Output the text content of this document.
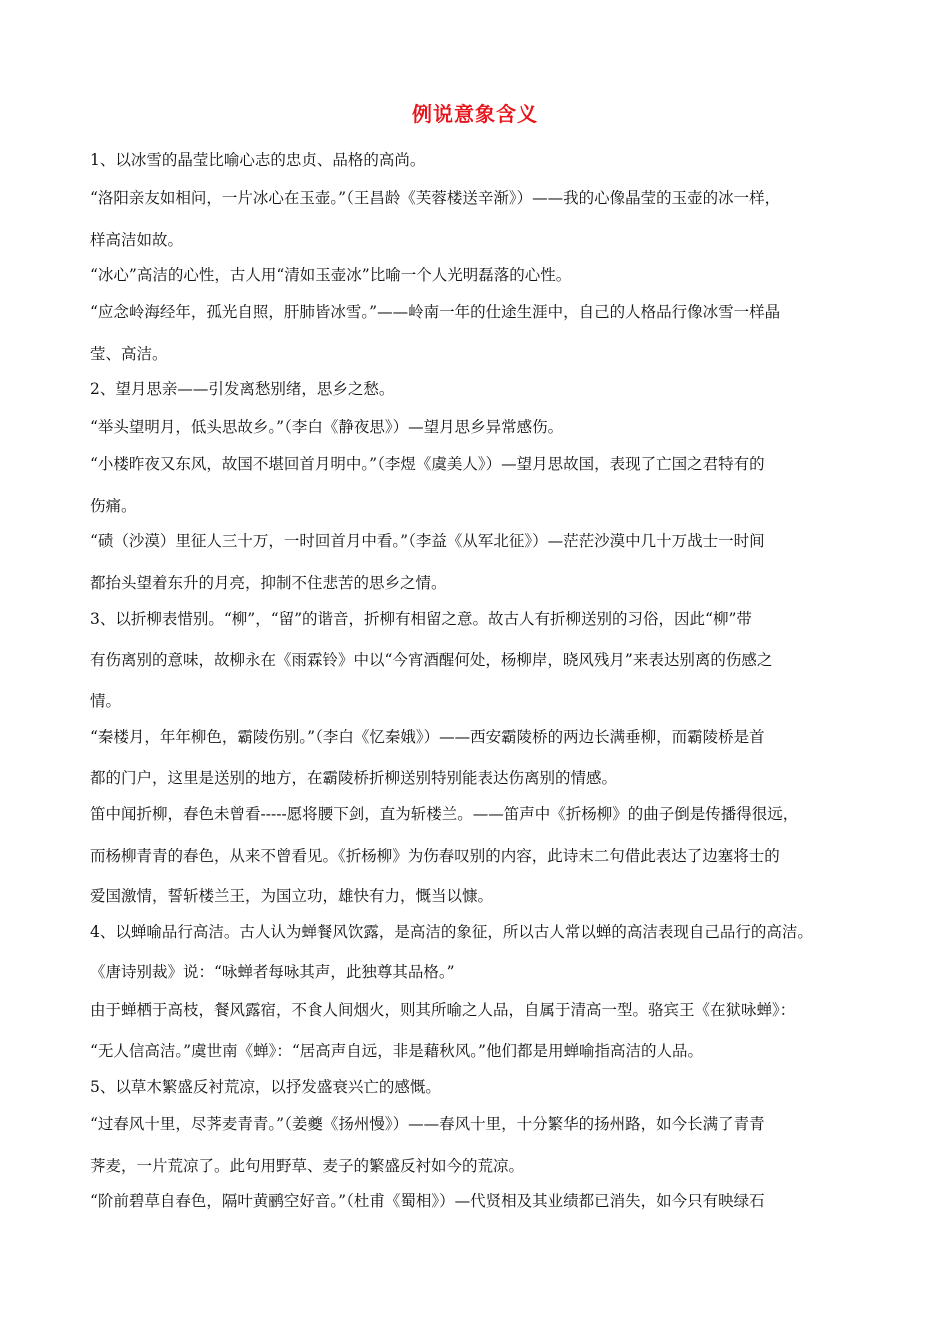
例说意象含义
1、以冰雪的晶莹比喻心志的忠贞、品格的高尚。
“洛阳亲友如相问，一片冰心在玉壶。”（王昌龄《芙蓉楼送辛渐》）——我的心像晶莹的玉壶的冰一样，
样高洁如故。
“冰心”高洁的心性，古人用“清如玉壶冰”比喻一个人光明磊落的心性。
“应念岭海经年，孤光自照，肝肺皆冰雪。”——岭南一年的仕途生涯中，自己的人格品行像冰雪一样晶
莹、高洁。
2、望月思亲——引发离愁别绪，思乡之愁。
“举头望明月，低头思故乡。”（李白《静夜思》）—望月思乡异常感伤。
“小楼昨夜又东风，故国不堪回首月明中。”（李煜《虞美人》）—望月思故国，表现了亡国之君特有的
伤痛。
“碛（沙漠）里征人三十万，一时回首月中看。”（李益《从军北征》）—茫茫沙漠中几十万战士一时间
都抬头望着东升的月亮，抑制不住悲苦的思乡之情。
3、以折柳表惜别。“柳”，“留”的谐音，折柳有相留之意。故古人有折柳送别的习俗，因此“柳”带
有伤离别的意味，故柳永在《雨霖铃》中以“今宵酒醒何处，杨柳岸，晓风残月”来表达别离的伤感之
情。
“秦楼月，年年柳色，霸陵伤别。”（李白《忆秦娥》）——西安霸陵桥的两边长满垂柳，而霸陵桥是首
都的门户，这里是送别的地方，在霸陵桥折柳送别特别能表达伤离别的情感。
笛中闻折柳，春色未曾看-----愿将腰下剑，直为斩楼兰。——笛声中《折杨柳》的曲子倒是传播得很远，
而杨柳青青的春色，从来不曾看见。《折杨柳》为伤春叹别的内容，此诗末二句借此表达了边塞将士的
爱国激情，誓斩楼兰王，为国立功，雄快有力，慨当以慷。
4、以蝉喻品行高洁。古人认为蝉餐风饮露，是高洁的象征，所以古人常以蝉的高洁表现自己品行的高洁。
《唐诗别裁》说：“咏蝉者每咏其声，此独尊其品格。”
由于蝉栖于高枝，餐风露宿，不食人间烟火，则其所喻之人品，自属于清高一型。骆宾王《在狱咏蝉》：
“无人信高洁。”虞世南《蝉》：“居高声自远，非是藉秋风。”他们都是用蝉喻指高洁的人品。
5、以草木繁盛反衬荒凉，以抒发盛衰兴亡的感慨。
“过春风十里，尽荠麦青青。”（姜夔《扬州慢》）——春风十里，十分繁华的扬州路，如今长满了青青
荠麦，一片荒凉了。此句用野草、麦子的繁盛反衬如今的荒凉。
“阶前碧草自春色，隔叶黄鹂空好音。”（杜甫《蜀相》）—代贤相及其业绩都已消失，如今只有映绿石
